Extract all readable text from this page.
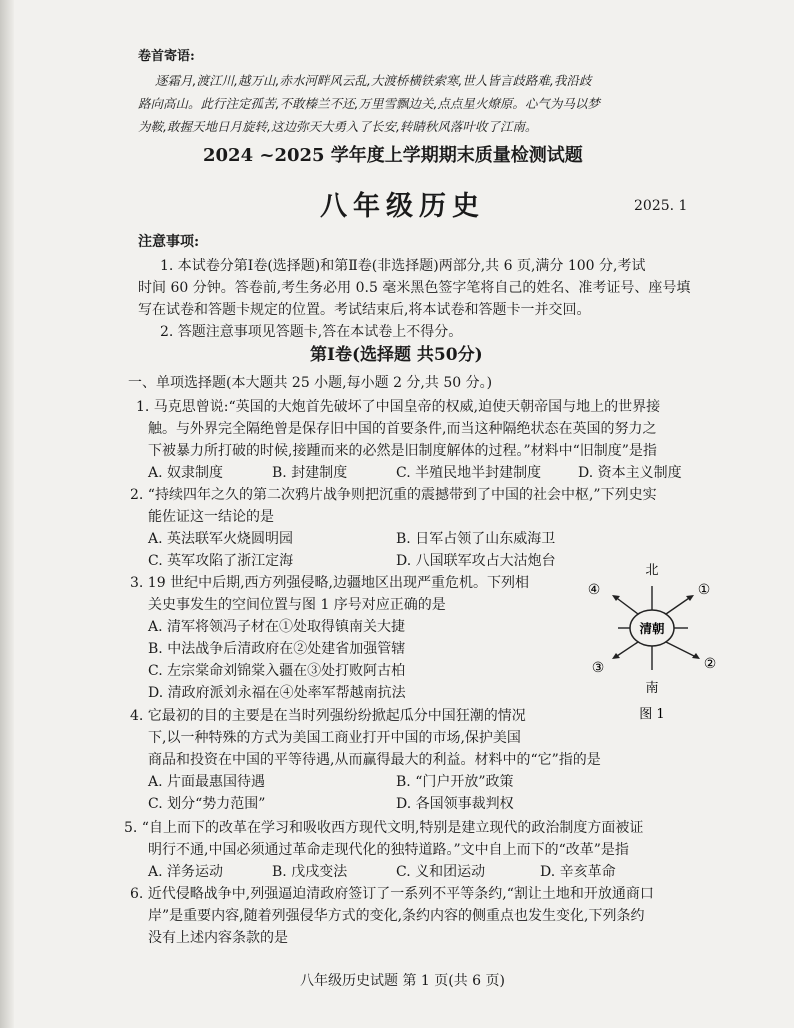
卷首寄语:
逐霜月,渡江川,越万山,赤水河畔风云乱,大渡桥横铁索寒,世人皆言歧路难,我沿歧
路向高山。此行注定孤苦,不敢榛兰不还,万里雪飘边关,点点星火燎原。心气为马以梦
为鞍,敢握天地日月旋转,这边弥天大勇入了长安,转睛秋风落叶收了江南。
2024 ~2025 学年度上学期期末质量检测试题
八年级历史	2025. 1
注意事项:
1. 本试卷分第Ⅰ卷(选择题)和第Ⅱ卷(非选择题)两部分,共 6 页,满分 100 分,考试
时间 60 分钟。答卷前,考生务必用 0.5 毫米黑色签字笔将自己的姓名、准考证号、座号填
写在试卷和答题卡规定的位置。考试结束后,将本试卷和答题卡一并交回。
2. 答题注意事项见答题卡,答在本试卷上不得分。
第Ⅰ卷(选择题 共50分)
一、单项选择题(本大题共 25 小题,每小题 2 分,共 50 分。)
1. 马克思曾说:“英国的大炮首先破坏了中国皇帝的权威,迫使天朝帝国与地上的世界接
触。与外界完全隔绝曾是保存旧中国的首要条件,而当这种隔绝状态在英国的努力之
下被暴力所打破的时候,接踵而来的必然是旧制度解体的过程。”材料中“旧制度”是指
A. 奴隶制度	B. 封建制度	C. 半殖民地半封建制度	D. 资本主义制度
2. “持续四年之久的第二次鸦片战争则把沉重的震撼带到了中国的社会中枢,”下列史实
能佐证这一结论的是
A. 英法联军火烧圆明园	B. 日军占领了山东威海卫
C. 英军攻陷了浙江定海	D. 八国联军攻占大沽炮台
3. 19 世纪中后期,西方列强侵略,边疆地区出现严重危机。下列相
关史事发生的空间位置与图 1 序号对应正确的是
A. 清军将领冯子材在①处取得镇南关大捷
B. 中法战争后清政府在②处建省加强管辖
C. 左宗棠命刘锦棠入疆在③处打败阿古柏
D. 清政府派刘永福在④处率军帮越南抗法
清朝
北
南
④	①
③	②
图 1
4. 它最初的目的主要是在当时列强纷纷掀起瓜分中国狂潮的情况
下,以一种特殊的方式为美国工商业打开中国的市场,保护美国
商品和投资在中国的平等待遇,从而赢得最大的利益。材料中的“它”指的是
A. 片面最惠国待遇	B. “门户开放”政策
C. 划分“势力范围”	D. 各国领事裁判权
5. “自上而下的改革在学习和吸收西方现代文明,特别是建立现代的政治制度方面被证
明行不通,中国必须通过革命走现代化的独特道路。”文中自上而下的“改革”是指
A. 洋务运动	B. 戊戌变法	C. 义和团运动	D. 辛亥革命
6. 近代侵略战争中,列强逼迫清政府签订了一系列不平等条约,“割让土地和开放通商口
岸”是重要内容,随着列强侵华方式的变化,条约内容的侧重点也发生变化,下列条约
没有上述内容条款的是
八年级历史试题 第 1 页(共 6 页)
